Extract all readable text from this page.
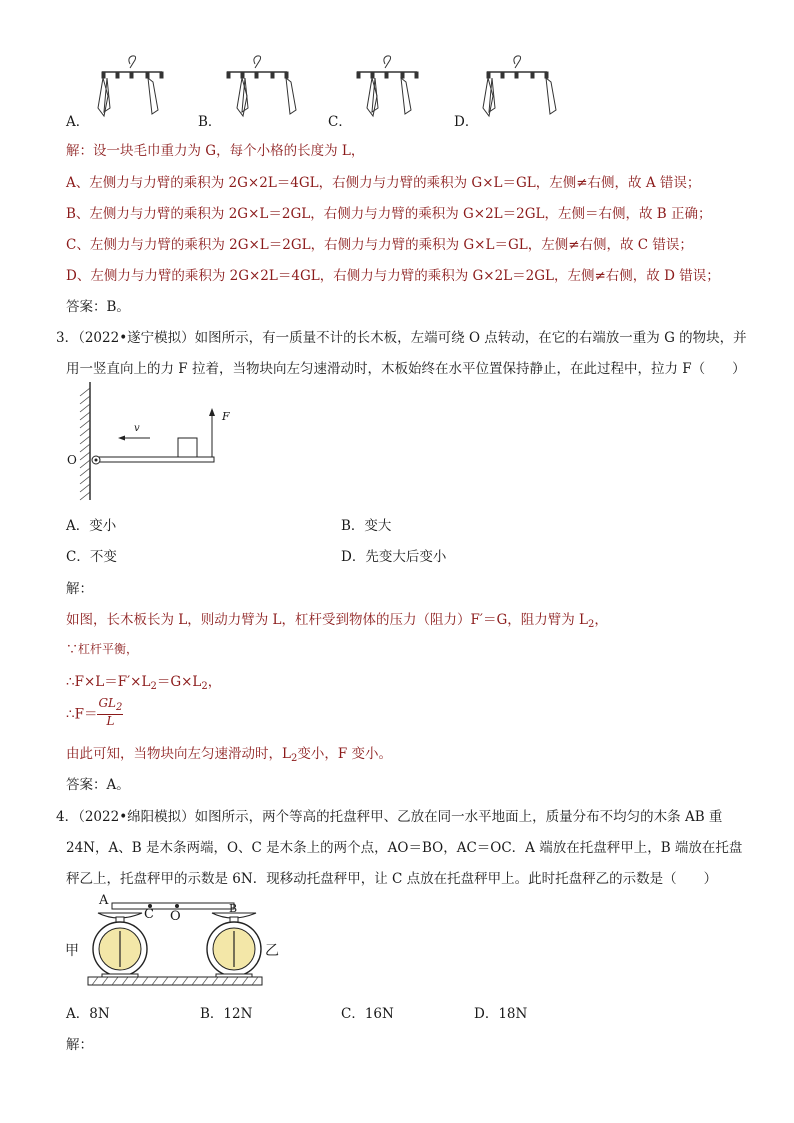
A．	B．	C．	D．
解：设一块毛巾重力为 G，每个小格的长度为 L，
A、左侧力与力臂的乘积为 2G×2L＝4GL，右侧力与力臂的乘积为 G×L＝GL，左侧≠右侧，故 A 错误；
B、左侧力与力臂的乘积为 2G×L＝2GL，右侧力与力臂的乘积为 G×2L＝2GL，左侧＝右侧，故 B 正确；
C、左侧力与力臂的乘积为 2G×L＝2GL，右侧力与力臂的乘积为 G×L＝GL，左侧≠右侧，故 C 错误；
D、左侧力与力臂的乘积为 2G×2L＝4GL，右侧力与力臂的乘积为 G×2L＝2GL，左侧≠右侧，故 D 错误；
答案：B。
3．（2022•遂宁模拟）如图所示，有一质量不计的长木板，左端可绕 O 点转动，在它的右端放一重为 G 的物块，并
用一竖直向上的力 F 拉着，当物块向左匀速滑动时，木板始终在水平位置保持静止，在此过程中，拉力 F（　　）
O
v
F
A．变小	B．变大
C．不变	D．先变大后变小
解：
如图，长木板长为 L，则动力臂为 L，杠杆受到物体的压力（阻力）F′＝G，阻力臂为 $L_2$，
∵杠杆平衡，
$\therefore F\times L=F'\times L_2=G\times L_2$，
∴F＝ $\frac{GL_2}{L}$
由此可知，当物块向左匀速滑动时，$L_2$变小，F 变小。
答案：A。
4．（2022•绵阳模拟）如图所示，两个等高的托盘秤甲、乙放在同一水平地面上，质量分布不均匀的木条 AB 重
24N，A、B 是木条两端，O、C 是木条上的两个点，AO＝BO，AC＝OC．A 端放在托盘秤甲上，B 端放在托盘
秤乙上，托盘秤甲的示数是 6N．现移动托盘秤甲，让 C 点放在托盘秤甲上。此时托盘秤乙的示数是（　　）
A
C O
B
甲	乙
A．8N	B．12N	C．16N	D．18N
解：
